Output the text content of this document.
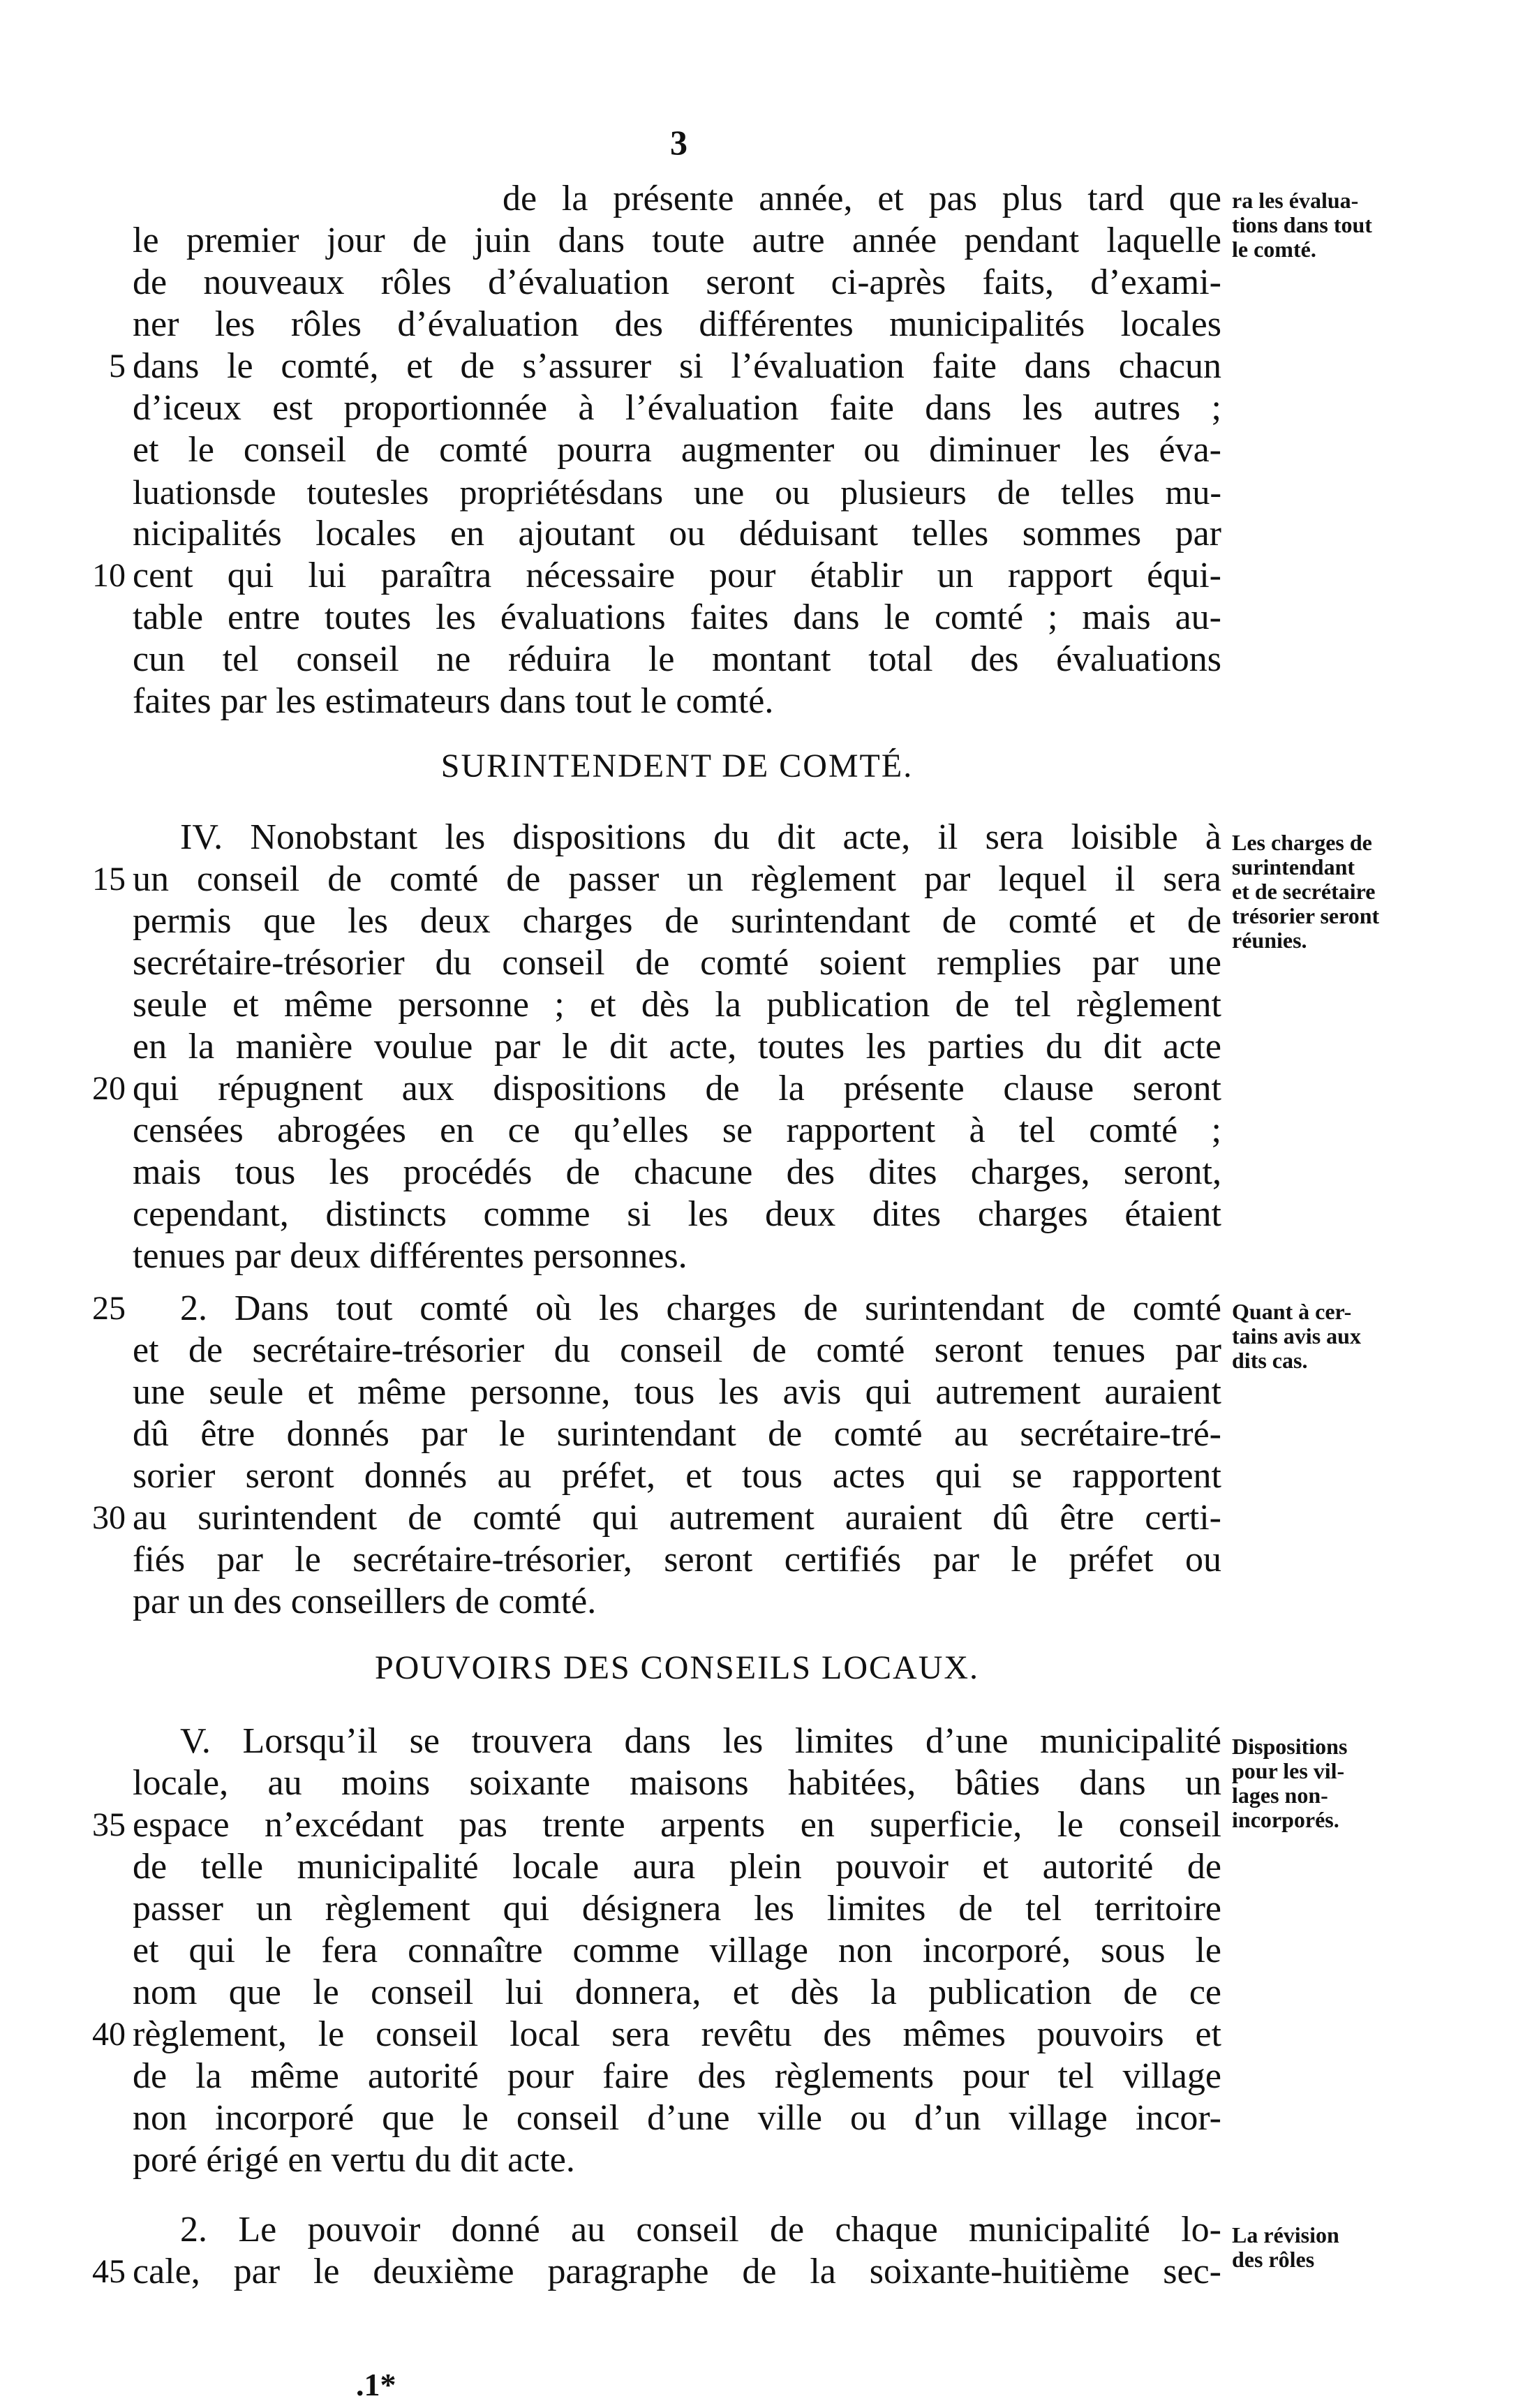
3
de la présente année, et pas plus tard que
le premier jour de juin dans toute autre année pendant laquelle
de nouveaux rôles d’évaluation seront ci-après faits, d’exami-
ner les rôles d’évaluation des différentes municipalités locales
5 dans le comté, et de s’assurer si l’évaluation faite dans chacun
d’iceux est proportionnée à l’évaluation faite dans les autres ;
et le conseil de comté pourra augmenter ou diminuer les éva-
luationsde toutesles propriétésdans une ou plusieurs de telles mu-
nicipalités locales en ajoutant ou déduisant telles sommes par
10 cent qui lui paraîtra nécessaire pour établir un rapport équi-
table entre toutes les évaluations faites dans le comté ; mais au-
cun tel conseil ne réduira le montant total des évaluations
faites par les estimateurs dans tout le comté.
ra les évalua-
tions dans tout
le comté.
SURINTENDENT DE COMTÉ.
IV. Nonobstant les dispositions du dit acte, il sera loisible à
15 un conseil de comté de passer un règlement par lequel il sera
permis que les deux charges de surintendant de comté et de
secrétaire-trésorier du conseil de comté soient remplies par une
seule et même personne ; et dès la publication de tel règlement
en la manière voulue par le dit acte, toutes les parties du dit acte
20 qui répugnent aux dispositions de la présente clause seront
censées abrogées en ce qu’elles se rapportent à tel comté ;
mais tous les procédés de chacune des dites charges, seront,
cependant, distincts comme si les deux dites charges étaient
tenues par deux différentes personnes.
Les charges de
surintendant
et de secrétaire
trésorier seront
réunies.
25 2. Dans tout comté où les charges de surintendant de comté
et de secrétaire-trésorier du conseil de comté seront tenues par
une seule et même personne, tous les avis qui autrement auraient
dû être donnés par le surintendant de comté au secrétaire-tré-
sorier seront donnés au préfet, et tous actes qui se rapportent
30 au surintendent de comté qui autrement auraient dû être certi-
fiés par le secrétaire-trésorier, seront certifiés par le préfet ou
par un des conseillers de comté.
Quant à cer-
tains avis aux
dits cas.
POUVOIRS DES CONSEILS LOCAUX.
V. Lorsqu’il se trouvera dans les limites d’une municipalité
locale, au moins soixante maisons habitées, bâties dans un
35 espace n’excédant pas trente arpents en superficie, le conseil
de telle municipalité locale aura plein pouvoir et autorité de
passer un règlement qui désignera les limites de tel territoire
et qui le fera connaître comme village non incorporé, sous le
nom que le conseil lui donnera, et dès la publication de ce
40 règlement, le conseil local sera revêtu des mêmes pouvoirs et
de la même autorité pour faire des règlements pour tel village
non incorporé que le conseil d’une ville ou d’un village incor-
poré érigé en vertu du dit acte.
Dispositions
pour les vil-
lages non-
incorporés.
2. Le pouvoir donné au conseil de chaque municipalité lo-
45 cale, par le deuxième paragraphe de la soixante-huitième sec-
La révision
des rôles
.1*
